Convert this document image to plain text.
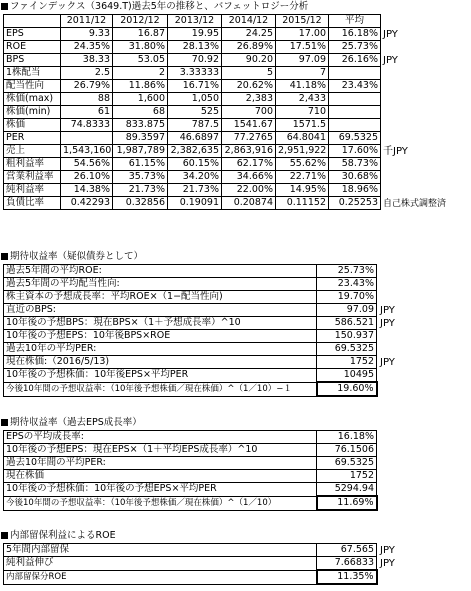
ファインデックス（3649.T)過去5年の推移と、バフェットロジー分析
	2011/12	2012/12	2013/12	2014/12	2015/12	平均
EPS	9.33	16.87	19.95	24.25	17.00	16.18%
ROE	24.35%	31.80%	28.13%	26.89%	17.51%	25.73%
BPS	38.33	53.05	70.92	90.20	97.09	26.16%
1株配当	2.5	2	3.33333	5	7	
配当性向	26.79%	11.86%	16.71%	20.62%	41.18%	23.43%
株価(max)	88	1,600	1,050	2,383	2,433	
株価(min)	61	68	525	700	710	
株価	74.8333	833.875	787.5	1541.67	1571.5	
PER		89.3597	46.6897	77.2765	64.8041	69.5325
売上	1,543,160	1,987,789	2,382,635	2,863,916	2,951,922	17.60%
粗利益率	54.56%	61.15%	60.15%	62.17%	55.62%	58.73%
営業利益率	26.10%	35.73%	34.20%	34.66%	22.71%	30.68%
純利益率	14.38%	21.73%	21.73%	22.00%	14.95%	18.96%
負債比率	0.42293	0.32856	0.19091	0.20874	0.11152	0.25253
期待収益率（疑似債券として）
過去5年間の平均ROE:	25.73%
過去5年間の平均配当性向:	23.43%
株主資本の予想成長率：平均ROE×（1−配当性向)	19.70%
直近のBPS:	97.09
10年後の予想BPS：現在BPS×（1＋予想成長率）^10	586.521
10年後の予想EPS：10年後BPS×ROE	150.937
過去10年の平均PER:	69.5325
現在株価:（2016/5/13)	1752
10年後の予想株価：10年後EPS×平均PER	10495
今後10年間の予想収益率：（10年後予想株価／現在株価）^（1／10）−１	19.60%
期待収益率（過去EPS成長率）
EPSの平均成長率:	16.18%
10年後の予想EPS：現在EPS×（1＋平均EPS成長率）^10	76.1506
過去10年間の平均PER:	69.5325
現在株価	1752
10年後の予想株価：10年後の予想EPS×平均PER	5294.94
今後10年間の予想収益率：（10年後予想株価／現在株価）^（1／10）	11.69%
内部留保利益によるROE
5年間内部留保	67.565
純利益伸び	7.66833
内部留保分ROE	11.35%
JPY
JPY
千JPY
自己株式調整済
JPY
JPY
JPY
JPY
JPY
